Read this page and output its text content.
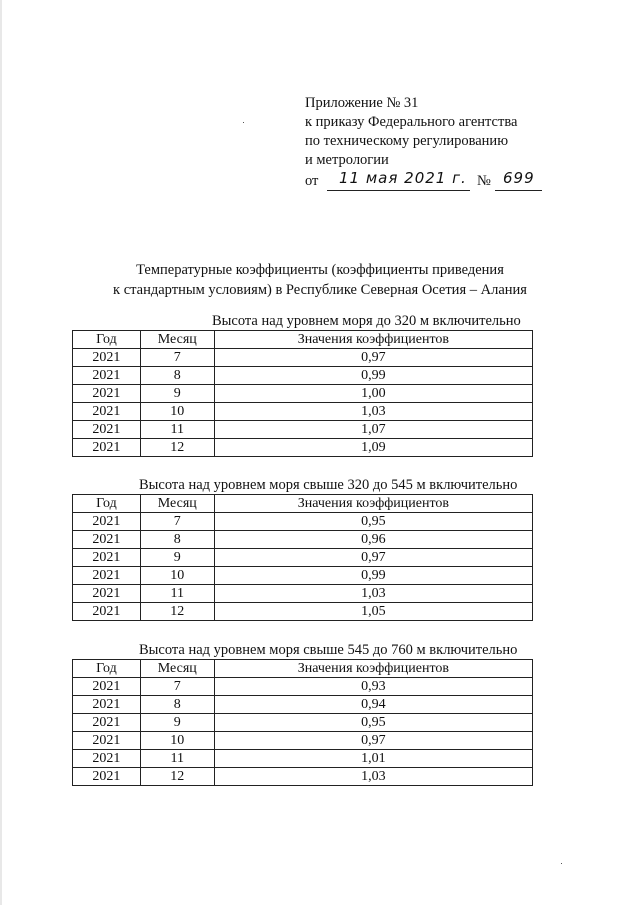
Приложение № 31
к приказу Федерального агентства
по техническому регулированию
и метрологии
от 11 мая 2021 г. № 699
Температурные коэффициенты (коэффициенты приведения
к стандартным условиям) в Республике Северная Осетия – Алания
Высота над уровнем моря до 320 м включительно
Год	Месяц	Значения коэффициентов
2021	7	0,97
2021	8	0,99
2021	9	1,00
2021	10	1,03
2021	11	1,07
2021	12	1,09
Высота над уровнем моря свыше 320 до 545 м включительно
Год	Месяц	Значения коэффициентов
2021	7	0,95
2021	8	0,96
2021	9	0,97
2021	10	0,99
2021	11	1,03
2021	12	1,05
Высота над уровнем моря свыше 545 до 760 м включительно
Год	Месяц	Значения коэффициентов
2021	7	0,93
2021	8	0,94
2021	9	0,95
2021	10	0,97
2021	11	1,01
2021	12	1,03
